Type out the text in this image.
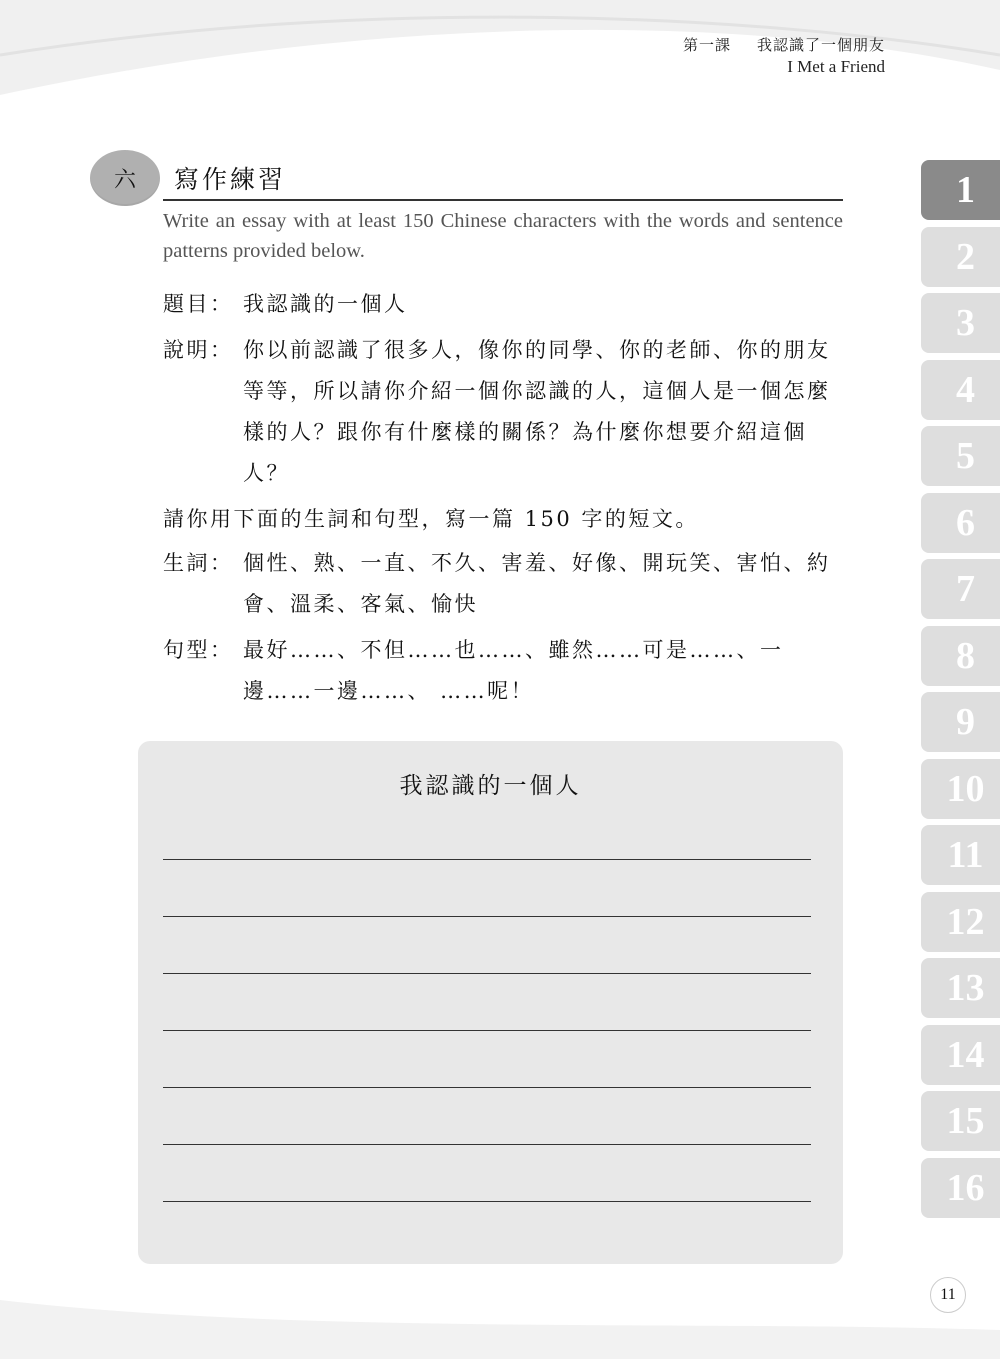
第一課 我認識了一個朋友
I Met a Friend
六	寫作練習
Write an essay with at least 150 Chinese characters with the words and sentence patterns provided below.
題目： 我認識的一個人
說明： 你以前認識了很多人，像你的同學、你的老師、你的朋友等等，所以請你介紹一個你認識的人，這個人是一個怎麼樣的人？跟你有什麼樣的關係？為什麼你想要介紹這個人？
請你用下面的生詞和句型，寫一篇 150 字的短文。
生詞： 個性、熟、一直、不久、害羞、好像、開玩笑、害怕、約會、溫柔、客氣、愉快
句型： 最好……、不但……也……、雖然……可是……、一邊……一邊……、 ……呢！
我認識的一個人
1
2
3
4
5
6
7
8
9
10
11
12
13
14
15
16
11
